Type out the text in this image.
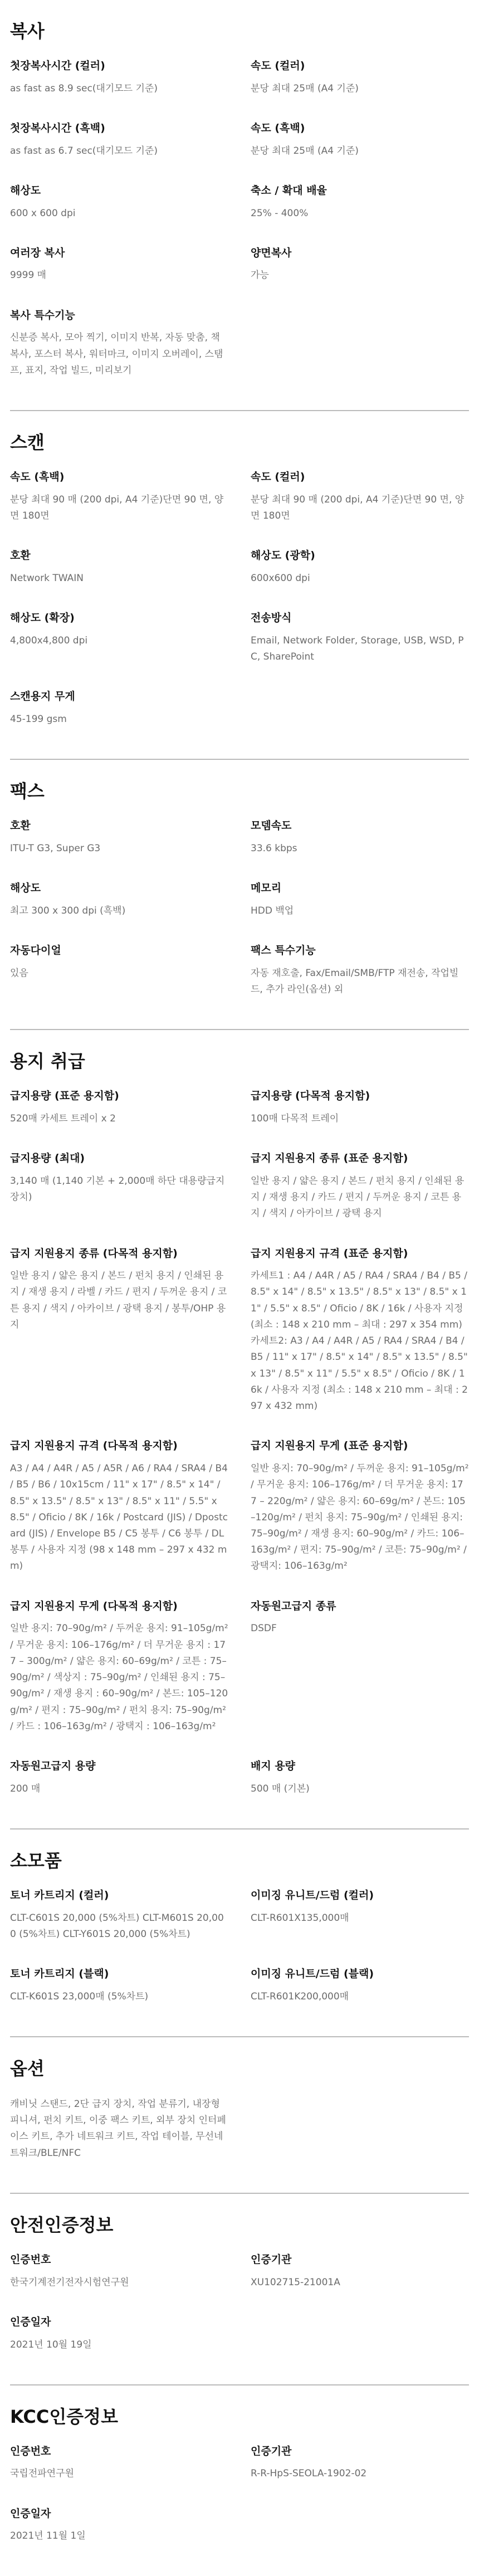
복사
첫장복사시간 (컬러)
as fast as 8.9 sec(대기모드 기준)
속도 (컬러)
분당 최대 25매 (A4 기준)
첫장복사시간 (흑백)
as fast as 6.7 sec(대기모드 기준)
속도 (흑백)
분당 최대 25매 (A4 기준)
해상도
600 x 600 dpi
축소 / 확대 배율
25% - 400%
여러장 복사
9999 매
양면복사
가능
복사 특수기능
신분증 복사, 모아 찍기, 이미지 반복, 자동 맞춤, 책 복사, 포스터 복사, 워터마크, 이미지 오버레이, 스탬프, 표지, 작업 빌드, 미리보기
스캔
속도 (흑백)
분당 최대 90 매 (200 dpi, A4 기준)단면 90 면, 양면 180면
속도 (컬러)
분당 최대 90 매 (200 dpi, A4 기준)단면 90 면, 양면 180면
호환
Network TWAIN
해상도 (광학)
600x600 dpi
해상도 (확장)
4,800x4,800 dpi
전송방식
Email, Network Folder, Storage, USB, WSD, PC, SharePoint
스캔용지 무게
45-199 gsm
팩스
호환
ITU-T G3, Super G3
모뎀속도
33.6 kbps
해상도
최고 300 x 300 dpi (흑백)
메모리
HDD 백업
자동다이얼
있음
팩스 특수기능
자동 재호출, Fax/Email/SMB/FTP 재전송, 작업빌드, 추가 라인(옵션) 외
용지 취급
급지용량 (표준 용지함)
520매 카세트 트레이 x 2
급지용량 (다목적 용지함)
100매 다목적 트레이
급지용량 (최대)
3,140 매 (1,140 기본 + 2,000매 하단 대용량급지장치)
급지 지원용지 종류 (표준 용지함)
일반 용지 / 얇은 용지 / 본드 / 펀치 용지 / 인쇄된 용지 / 재생 용지 / 카드 / 편지 / 두꺼운 용지 / 코튼 용지 / 색지 / 아카이브 / 광택 용지
급지 지원용지 종류 (다목적 용지함)
일반 용지 / 얇은 용지 / 본드 / 펀치 용지 / 인쇄된 용지 / 재생 용지 / 라벨 / 카드 / 편지 / 두꺼운 용지 / 코튼 용지 / 색지 / 아카이브 / 광택 용지 / 봉투/OHP 용지
급지 지원용지 규격 (표준 용지함)
카세트1 : A4 / A4R / A5 / RA4 / SRA4 / B4 / B5 / 8.5" x 14" / 8.5" x 13.5" / 8.5" x 13" / 8.5" x 11" / 5.5" x 8.5" / Oficio / 8K / 16k / 사용자 지정 (최소 : 148 x 210 mm – 최대 : 297 x 354 mm) 카세트2: A3 / A4 / A4R / A5 / RA4 / SRA4 / B4 / B5 / 11" x 17" / 8.5" x 14" / 8.5" x 13.5" / 8.5" x 13" / 8.5" x 11" / 5.5" x 8.5" / Oficio / 8K / 16k / 사용자 지정 (최소 : 148 x 210 mm – 최대 : 297 x 432 mm)
급지 지원용지 규격 (다목적 용지함)
A3 / A4 / A4R / A5 / A5R / A6 / RA4 / SRA4 / B4 / B5 / B6 / 10x15cm / 11" x 17" / 8.5" x 14" / 8.5" x 13.5" / 8.5" x 13" / 8.5" x 11" / 5.5" x 8.5" / Oficio / 8K / 16k / Postcard (JIS) / Dpostcard (JIS) / Envelope B5 / C5 봉투 / C6 봉투 / DL 봉투 / 사용자 지정 (98 x 148 mm – 297 x 432 mm)
급지 지원용지 무게 (표준 용지함)
일반 용지: 70–90g/m² / 두꺼운 용지: 91–105g/m² / 무거운 용지: 106–176g/m² / 더 무거운 용지: 177 – 220g/m² / 얇은 용지: 60–69g/m² / 본드: 105–120g/m² / 펀치 용지: 75–90g/m² / 인쇄된 용지: 75–90g/m² / 재생 용지: 60–90g/m² / 카드: 106–163g/m² / 편지: 75–90g/m² / 코튼: 75–90g/m² / 광택지: 106–163g/m²
급지 지원용지 무게 (다목적 용지함)
일반 용지: 70–90g/m² / 두꺼운 용지: 91–105g/m² / 무거운 용지: 106–176g/m² / 더 무거운 용지 : 177 – 300g/m² / 얇은 용지: 60–69g/m² / 코튼 : 75–90g/m² / 색상지 : 75–90g/m² / 인쇄된 용지 : 75–90g/m² / 재생 용지 : 60–90g/m² / 본드: 105–120g/m² / 편지 : 75–90g/m² / 펀치 용지: 75–90g/m² / 카드 : 106–163g/m² / 광택지 : 106–163g/m²
자동원고급지 종류
DSDF
자동원고급지 용량
200 매
배지 용량
500 매 (기본)
소모품
토너 카트리지 (컬러)
CLT-C601S 20,000 (5%차트) CLT-M601S 20,000 (5%차트) CLT-Y601S 20,000 (5%차트)
이미징 유니트/드럼 (컬러)
CLT-R601X135,000매
토너 카트리지 (블랙)
CLT-K601S 23,000매 (5%차트)
이미징 유니트/드럼 (블랙)
CLT-R601K200,000매
옵션
캐비닛 스탠드, 2단 급지 장치, 작업 분류기, 내장형 피니셔, 펀치 키트, 이중 팩스 키트, 외부 장치 인터페이스 키트, 추가 네트워크 키트, 작업 테이블, 무선네트워크/BLE/NFC
안전인증정보
인증번호
한국기계전기전자시험연구원
인증기관
XU102715-21001A
인증일자
2021년 10월 19일
KCC인증정보
인증번호
국립전파연구원
인증기관
R-R-HpS-SEOLA-1902-02
인증일자
2021년 11월 1일
